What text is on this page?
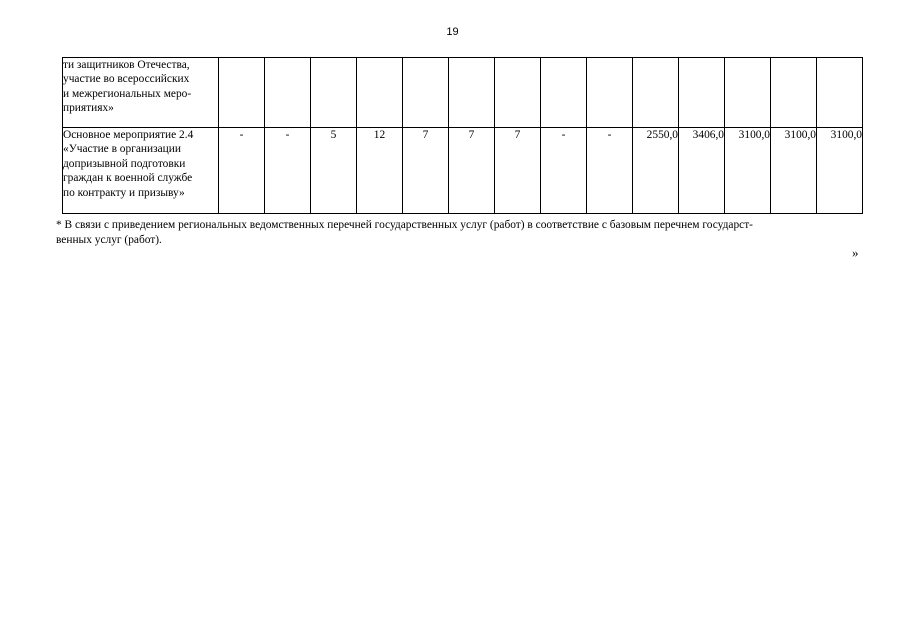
19
ти защитников Отечества,
участие во всероссийских
и межрегиональных меро-
приятиях»														

Основное мероприятие 2.4
«Участие в организации
допризывной подготовки
граждан к военной службе
по контракту и призыву»	-	-	5	12	7	7	7	-	-	2550,0	3406,0	3100,0	3100,0	3100,0
* В связи с приведением региональных ведомственных перечней государственных услуг (работ) в соответствие с базовым перечнем государст-
венных услуг (работ).
»
